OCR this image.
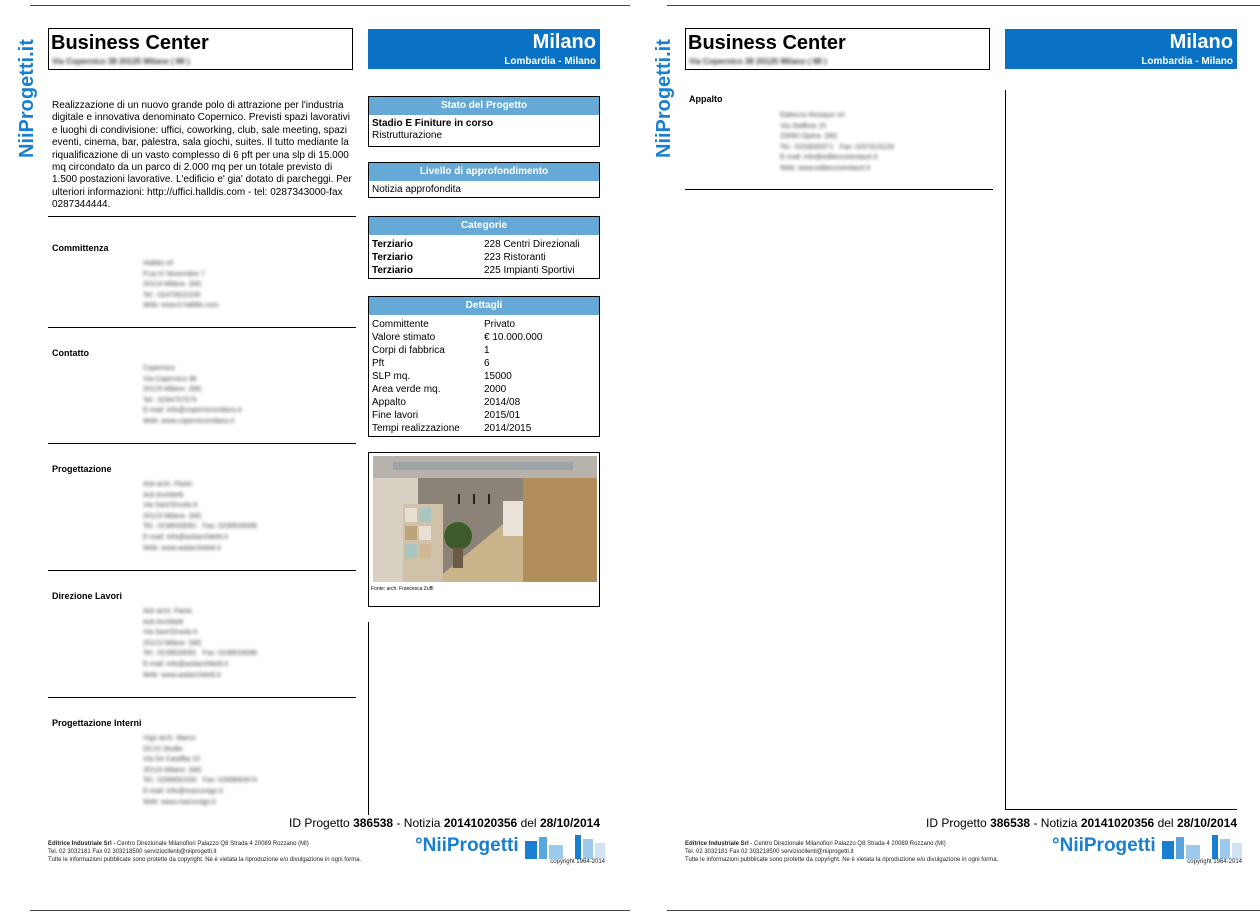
NiiProgetti.it Business Center
Via Copernico 38 20125 Milano ( MI )
Milano
Lombardia - Milano
Realizzazione di un nuovo grande polo di attrazione per l'industria digitale e innovativa denominato Copernico. Previsti spazi lavorativi e luoghi di condivisione: uffici, coworking, club, sale meeting, spazi eventi, cinema, bar, palestra, sala giochi, suites. Il tutto mediante la riqualificazione di un vasto complesso di 6 pft per una slp di 15.000 mq circondato da un parco di 2.000 mq per un totale previsto di 1.500 postazioni lavorative. L'edificio e' gia' dotato di parcheggi. Per ulteriori informazioni: http://uffici.halldis.com - tel: 0287343000-fax 0287344444.
Committenza
Halldis srl
P.za IV Novembre 7
20124 Milano  (MI)
Tel.: 02479522200
Web: www.it.halldis.com
Contatto
Copernico
Via Copernico 38
20125 Milano  (MI)
Tel.: 0294757575
E-mail: info@copernicomilano.it
Web: www.copernicomilano.it
Progettazione
Asti arch. Paolo
Asti Architetti
Via Sant'Orsola 8
20123 Milano  (MI)
Tel.: 0238533091   Fax: 0238533096
E-mail: info@astiarchitetti.it
Web: www.astiarchitetti.it
Direzione Lavori
Asti arch. Paolo
Asti Architetti
Via Sant'Orsola 8
20123 Milano  (MI)
Tel.: 0238533091   Fax: 0238533096
E-mail: info@astiarchitetti.it
Web: www.astiarchitetti.it
Progettazione Interni
Vigo arch. Marco
DC10 Studio
Via De Castillia 10
20124 Milano  (MI)
Tel.: 0289692330   Fax: 0289692674
E-mail: info@marcovigo.it
Web: www.marcovigo.it
Stato del Progetto
Stadio E Finiture in corso
Ristrutturazione
Livello di approfondimento
Notizia approfondita
Categorie
Terziario	228 Centri Direzionali
Terziario	223 Ristoranti
Terziario	225 Impianti Sportivi
Dettagli
Committente	Privato
Valore stimato	€ 10.000.000
Corpi di fabbrica	1
Pft	6
SLP mq.	15000
Area verde mq.	2000
Appalto	2014/08
Fine lavori	2015/01
Tempi realizzazione	2014/2015
Fonte: arch. Francesca Zuffi
ID Progetto 386538 - Notizia 20141020356 del 28/10/2014
Editrice Industriale Srl - Centro Direzionale Milanofiori Palazzo Q8 Strada 4 20089 Rozzano (MI)
Tel. 02 3032181 Fax 02 303218500 serviziocllenti@niiprogetti.it
Tutte le informazioni pubblicate sono protette da copyright. Ne è vietata la riproduzione e/o divulgazione in ogni forma.
°NiiProgetti
copyright 1964-2014
NiiProgetti.it Business Center
Via Copernico 38 20125 Milano ( MI )
Milano
Lombardia - Milano
Appalto
Editecno Restauri srl
Via Staffora 15
20090 Opera  (MI)
Tel.: 0253000571   Fax: 0257619126
E-mail: info@editecnorestauri.it
Web: www.editecnorestauri.it
ID Progetto 386538 - Notizia 20141020356 del 28/10/2014
Editrice Industriale Srl - Centro Direzionale Milanofiori Palazzo Q8 Strada 4 20089 Rozzano (MI)
Tel. 02 3032181 Fax 02 303218500 serviziocllenti@niiprogetti.it
Tutte le informazioni pubblicate sono protette da copyright. Ne è vietata la riproduzione e/o divulgazione in ogni forma.
°NiiProgetti
copyright 1964-2014
